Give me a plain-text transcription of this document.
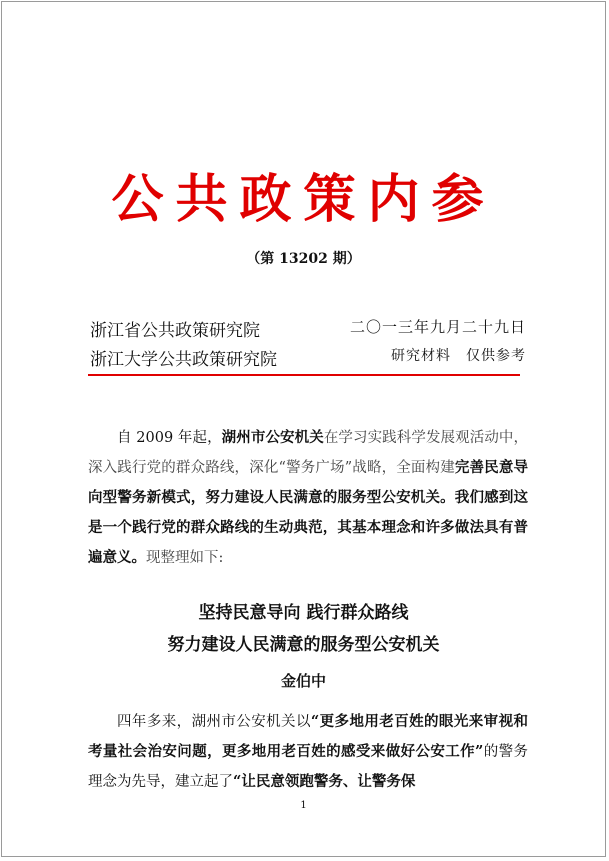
公共政策内参
（第 13202 期）
浙江省公共政策研究院	二〇一三年九月二十九日
浙江大学公共政策研究院	研究材料　仅供参考
自 2009 年起，湖州市公安机关在学习实践科学发展观活动中，深入践行党的群众路线，深化“警务广场”战略，全面构建完善民意导向型警务新模式，努力建设人民满意的服务型公安机关。我们感到这是一个践行党的群众路线的生动典范，其基本理念和许多做法具有普遍意义。现整理如下:
坚持民意导向 践行群众路线
努力建设人民满意的服务型公安机关
金伯中
四年多来，湖州市公安机关以“更多地用老百姓的眼光来审视和考量社会治安问题，更多地用老百姓的感受来做好公安工作”的警务理念为先导，建立起了“让民意领跑警务、让警务保
1
